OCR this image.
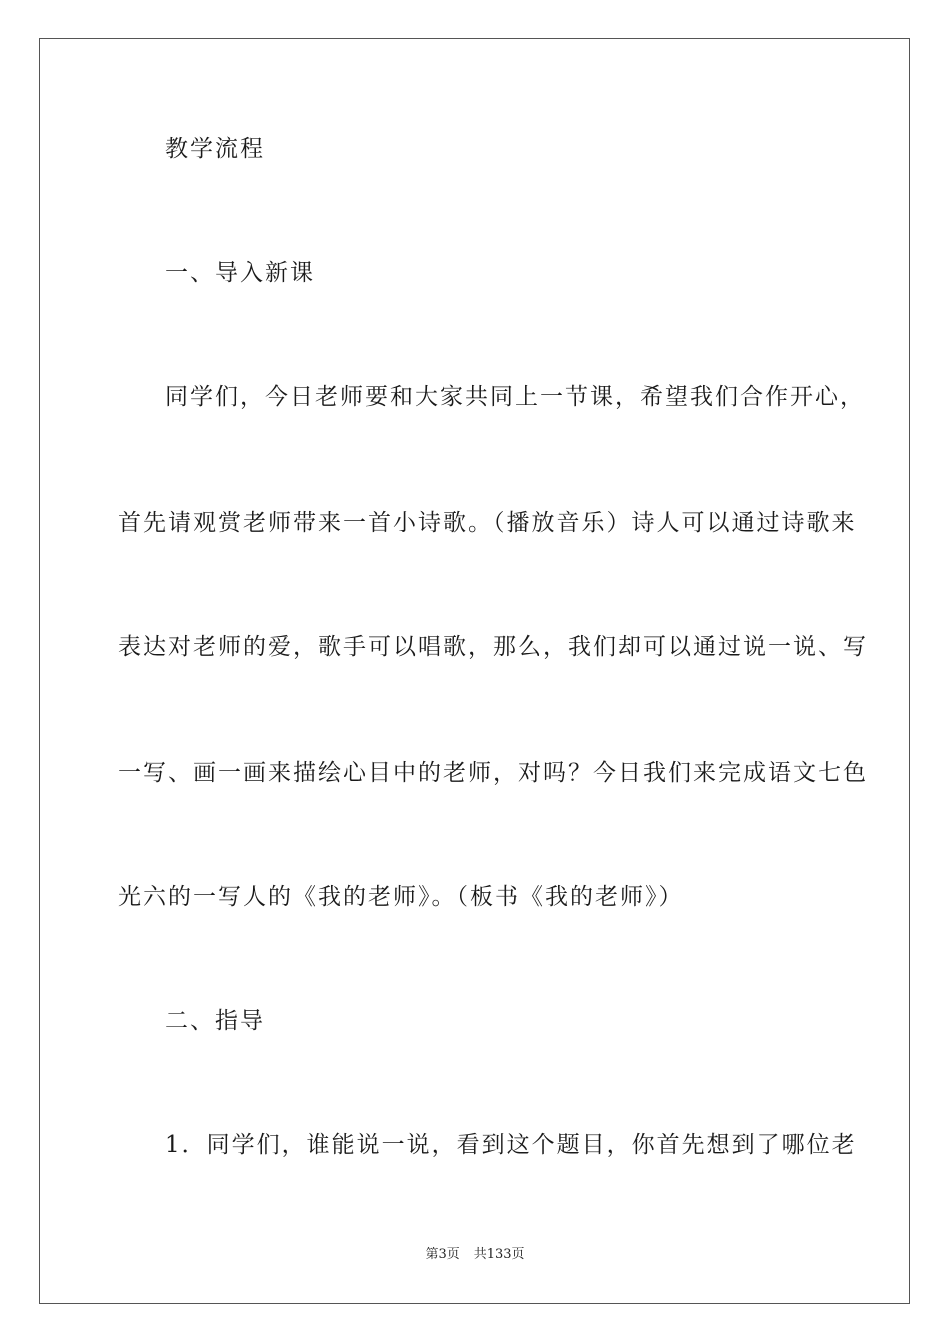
教学流程
一、导入新课
同学们，今日老师要和大家共同上一节课，希望我们合作开心，
首先请观赏老师带来一首小诗歌。（播放音乐）诗人可以通过诗歌来
表达对老师的爱，歌手可以唱歌，那么，我们却可以通过说一说、写
一写、画一画来描绘心目中的老师，对吗？今日我们来完成语文七色
光六的一写人的《我的老师》。（板书《我的老师》）
二、指导
1．同学们，谁能说一说，看到这个题目，你首先想到了哪位老
第3页 共133页
